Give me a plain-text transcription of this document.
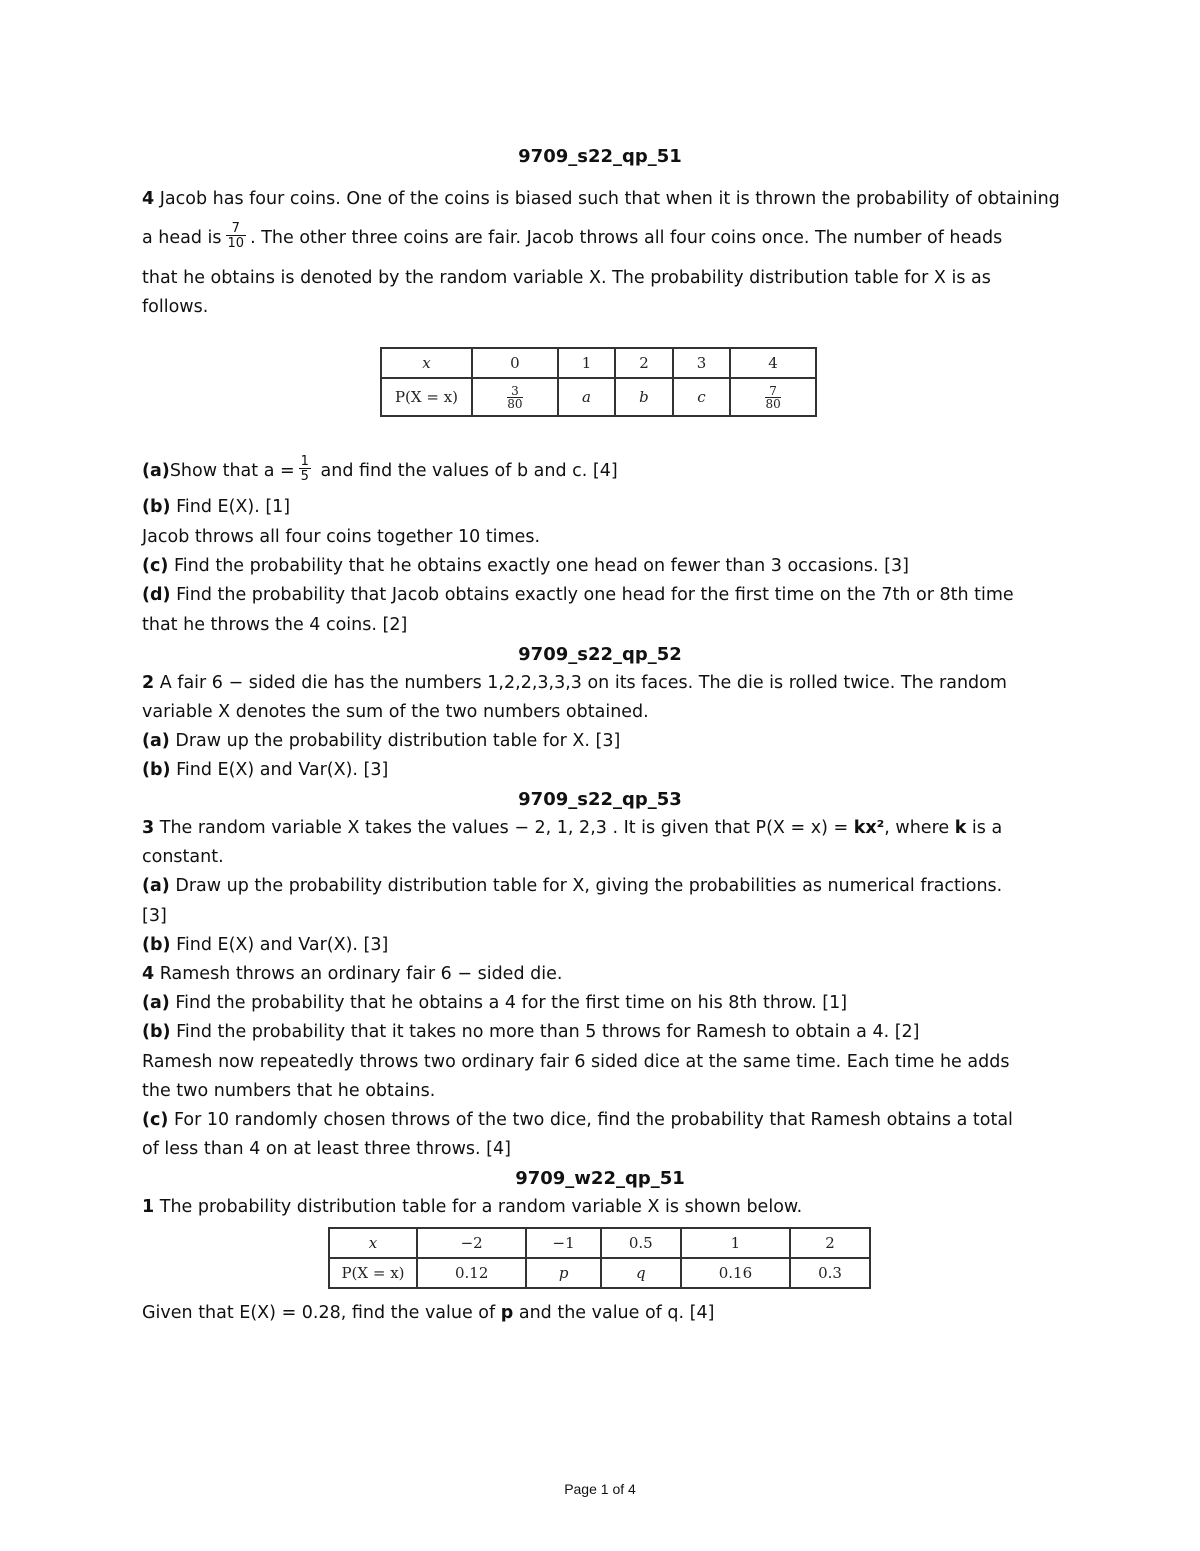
9709_s22_qp_51
4 Jacob has four coins. One of the coins is biased such that when it is thrown the probability of obtaining
a head is $\frac{7}{10}$ . The other three coins are fair. Jacob throws all four coins once. The number of heads
that he obtains is denoted by the random variable X. The probability distribution table for X is as
follows.
x	0	1	2	3	4
P(X = x)	$\frac{3}{80}$	a	b	c	$\frac{7}{80}$
(a)Show that $a = \frac{1}{5}$ and find the values of b and c. [4]
(b) Find E(X). [1]
Jacob throws all four coins together 10 times.
(c) Find the probability that he obtains exactly one head on fewer than 3 occasions. [3]
(d) Find the probability that Jacob obtains exactly one head for the first time on the 7th or 8th time
that he throws the 4 coins. [2]
9709_s22_qp_52
2 A fair 6 − sided die has the numbers 1,2,2,3,3,3 on its faces. The die is rolled twice. The random
variable X denotes the sum of the two numbers obtained.
(a) Draw up the probability distribution table for X. [3]
(b) Find E(X) and Var(X). [3]
9709_s22_qp_53
3 The random variable X takes the values − 2, 1, 2,3 . It is given that P(X = x) = kx², where k is a
constant.
(a) Draw up the probability distribution table for X, giving the probabilities as numerical fractions.
[3]
(b) Find E(X) and Var(X). [3]
4 Ramesh throws an ordinary fair 6 − sided die.
(a) Find the probability that he obtains a 4 for the first time on his 8th throw. [1]
(b) Find the probability that it takes no more than 5 throws for Ramesh to obtain a 4. [2]
Ramesh now repeatedly throws two ordinary fair 6 sided dice at the same time. Each time he adds
the two numbers that he obtains.
(c) For 10 randomly chosen throws of the two dice, find the probability that Ramesh obtains a total
of less than 4 on at least three throws. [4]
9709_w22_qp_51
1 The probability distribution table for a random variable X is shown below.
x	−2	−1	0.5	1	2
P(X = x)	0.12	p	q	0.16	0.3
Given that E(X) = 0.28, find the value of p and the value of q. [4]
Page 1 of 4
